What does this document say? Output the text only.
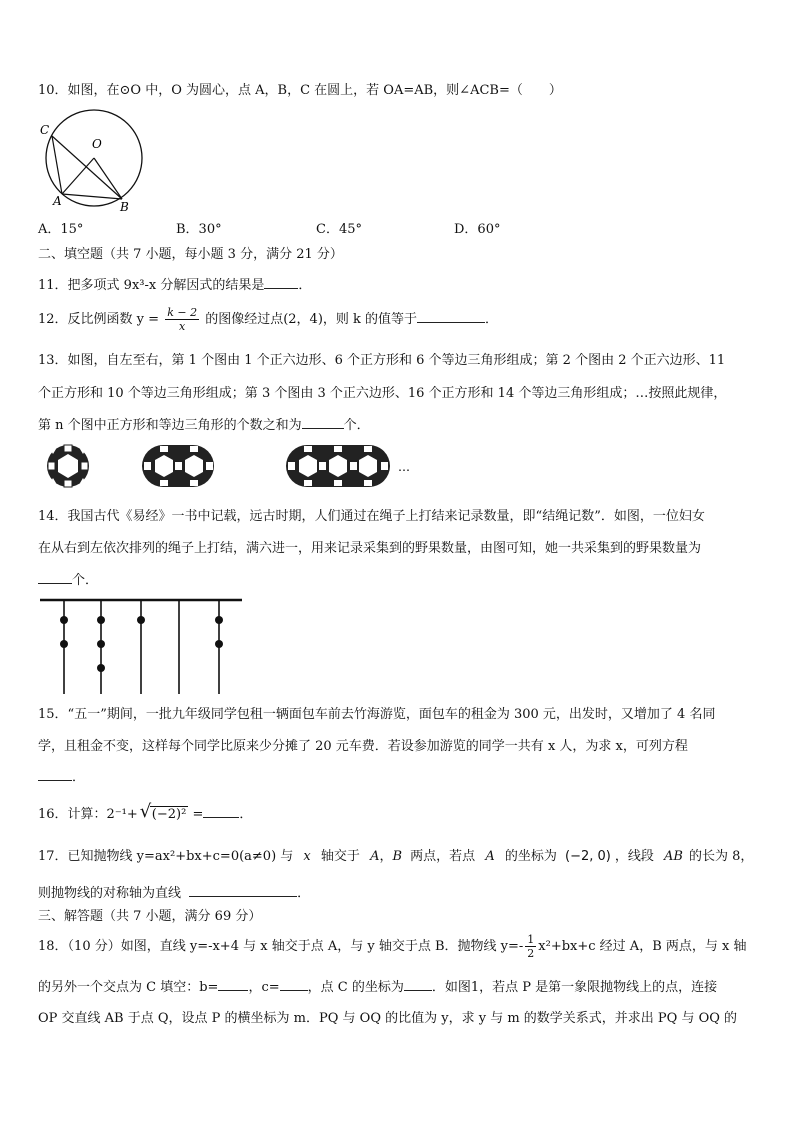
10．如图，在⊙O 中，O 为圆心，点 A，B，C 在圆上，若 OA=AB，则∠ACB=（　　）
C
O
A	B
A．15°	B．30°	C．45°	D．60°
二、填空题（共 7 小题，每小题 3 分，满分 21 分）
11．把多项式 9x³-x 分解因式的结果是	．
12．反比例函数 $y = \frac{k - 2}{x}$ 的图像经过点(2，4)，则 k 的值等于	．
13．如图，自左至右，第 1 个图由 1 个正六边形、6 个正方形和 6 个等边三角形组成；第 2 个图由 2 个正六边形、11
个正方形和 10 个等边三角形组成；第 3 个图由 3 个正六边形、16 个正方形和 14 个等边三角形组成；…按照此规律，
第 n 个图中正方形和等边三角形的个数之和为	个．
…
14．我国古代《易经》一书中记载，远古时期，人们通过在绳子上打结来记录数量，即“结绳记数”．如图，一位妇女
在从右到左依次排列的绳子上打结，满六进一，用来记录采集到的野果数量，由图可知，她一共采集到的野果数量为
个．
15．“五一”期间，一批九年级同学包租一辆面包车前去竹海游览，面包车的租金为 300 元，出发时，又增加了 4 名同
学，且租金不变，这样每个同学比原来少分摊了 20 元车费．若设参加游览的同学一共有 x 人，为求 x，可列方程
．
16．计算：2⁻¹+ √ (−2)² =	．
17．已知抛物线 y=ax²+bx+c=0(a≠0) 与 x 轴交于 A，B 两点，若点 A 的坐标为 (−2, 0) ，线段 AB 的长为 8，
则抛物线的对称轴为直线	．
三、解答题（共 7 小题，满分 69 分）
18．（10 分）如图，直线 y=-x+4 与 x 轴交于点 A，与 y 轴交于点 B．抛物线 $y=- \frac{1}{2} x^2+bx+c$ 经过 A，B 两点，与 x 轴
的另外一个交点为 C 填空：b= ，c= ，点 C 的坐标为 ．如图1，若点 P 是第一象限抛物线上的点，连接
OP 交直线 AB 于点 Q，设点 P 的横坐标为 m．PQ 与 OQ 的比值为 y，求 y 与 m 的数学关系式，并求出 PQ 与 OQ 的
